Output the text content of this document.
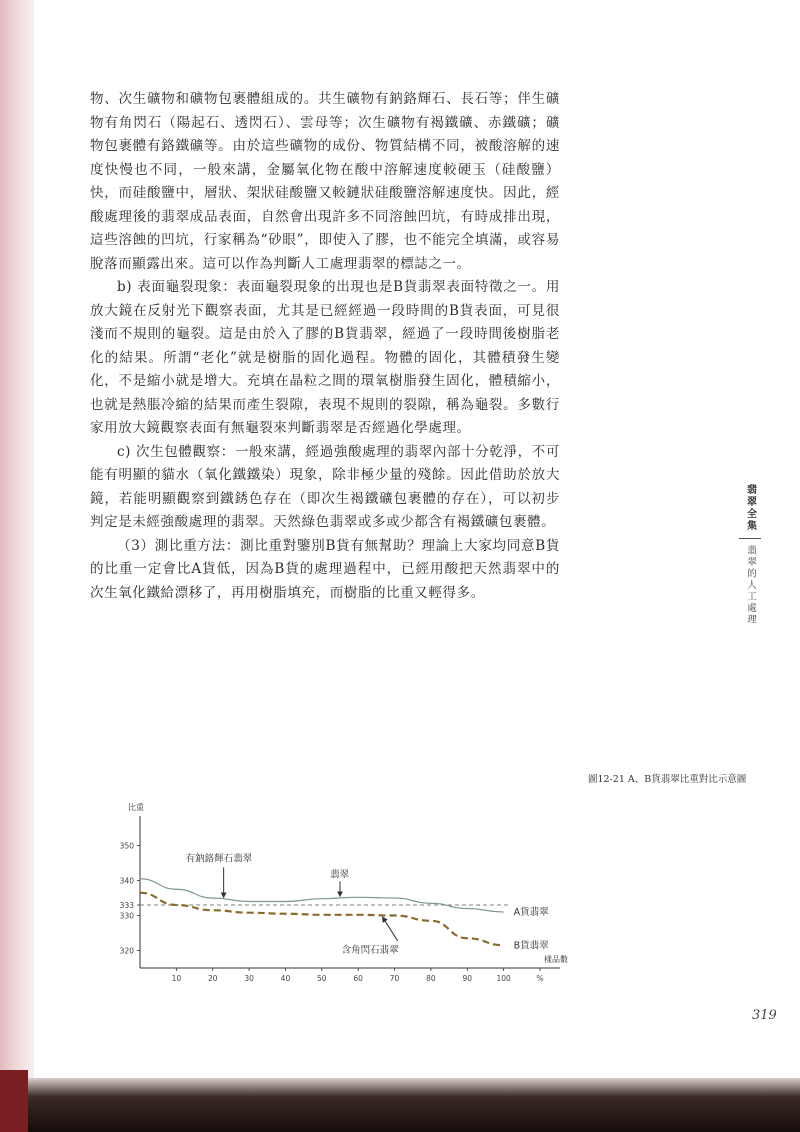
物、次生礦物和礦物包裹體組成的。共生礦物有鈉鉻輝石、長石等；伴生礦物有角閃石（陽起石、透閃石）、雲母等；次生礦物有褐鐵礦、赤鐵礦；礦物包裹體有鉻鐵礦等。由於這些礦物的成份、物質結構不同，被酸溶解的速度快慢也不同，一般來講，金屬氧化物在酸中溶解速度較硬玉（硅酸鹽）快，而硅酸鹽中，層狀、架狀硅酸鹽又較鏈狀硅酸鹽溶解速度快。因此，經酸處理後的翡翠成品表面，自然會出現許多不同溶蝕凹坑，有時成排出現，這些溶蝕的凹坑，行家稱為“砂眼”，即使入了膠，也不能完全填滿，或容易脫落而顯露出來。這可以作為判斷人工處理翡翠的標誌之一。

b) 表面龜裂現象：表面龜裂現象的出現也是B貨翡翠表面特徵之一。用放大鏡在反射光下觀察表面，尤其是已經經過一段時間的B貨表面，可見很淺而不規則的龜裂。這是由於入了膠的B貨翡翠，經過了一段時間後樹脂老化的結果。所謂“老化”就是樹脂的固化過程。物體的固化，其體積發生變化，不是縮小就是增大。充填在晶粒之間的環氧樹脂發生固化，體積縮小，也就是熱脹冷縮的結果而產生裂隙，表現不規則的裂隙，稱為龜裂。多數行家用放大鏡觀察表面有無龜裂來判斷翡翠是否經過化學處理。

c) 次生包體觀察：一般來講，經過強酸處理的翡翠內部十分乾淨，不可能有明顯的貓水（氧化鐵鐵染）現象，除非極少量的殘餘。因此借助於放大鏡，若能明顯觀察到鐵銹色存在（即次生褐鐵礦包裹體的存在），可以初步判定是未經強酸處理的翡翠。天然綠色翡翠或多或少都含有褐鐵礦包裹體。

（3）測比重方法：測比重對鑒別B貨有無幫助？理論上大家均同意B貨的比重一定會比A貨低，因為B貨的處理過程中，已經用酸把天然翡翠中的次生氧化鐵給漂移了，再用樹脂填充，而樹脂的比重又輕得多。

翡翠全集
翡翠的人工處理
圖12-21 A、B貨翡翠比重對比示意圖
比重
樣品數
10	20	30	40	50	60	70	80	90	100	%
350
340
333
330
320
A貨翡翠
B貨翡翠
有鈉鉻輝石翡翠
翡翠
含角閃石翡翠
319
